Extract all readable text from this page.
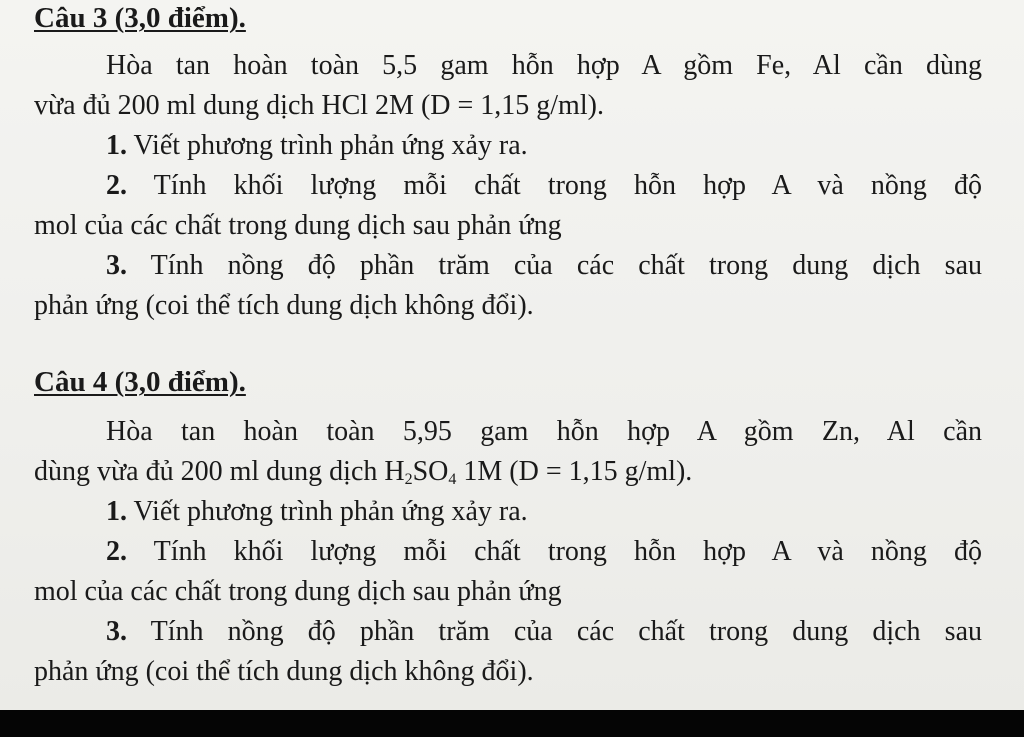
Câu 3 (3,0 điểm).
Hòa tan hoàn toàn 5,5 gam hỗn hợp A gồm Fe, Al cần dùng
vừa đủ 200 ml dung dịch HCl 2M (D = 1,15 g/ml).
1. Viết phương trình phản ứng xảy ra.
2. Tính khối lượng mỗi chất trong hỗn hợp A và nồng độ
mol của các chất trong dung dịch sau phản ứng
3. Tính nồng độ phần trăm của các chất trong dung dịch sau
phản ứng (coi thể tích dung dịch không đổi).
Câu 4 (3,0 điểm).
Hòa tan hoàn toàn 5,95 gam hỗn hợp A gồm Zn, Al cần
dùng vừa đủ 200 ml dung dịch $H_2SO_4$ 1M (D = 1,15 g/ml).
1. Viết phương trình phản ứng xảy ra.
2. Tính khối lượng mỗi chất trong hỗn hợp A và nồng độ
mol của các chất trong dung dịch sau phản ứng
3. Tính nồng độ phần trăm của các chất trong dung dịch sau
phản ứng (coi thể tích dung dịch không đổi).
